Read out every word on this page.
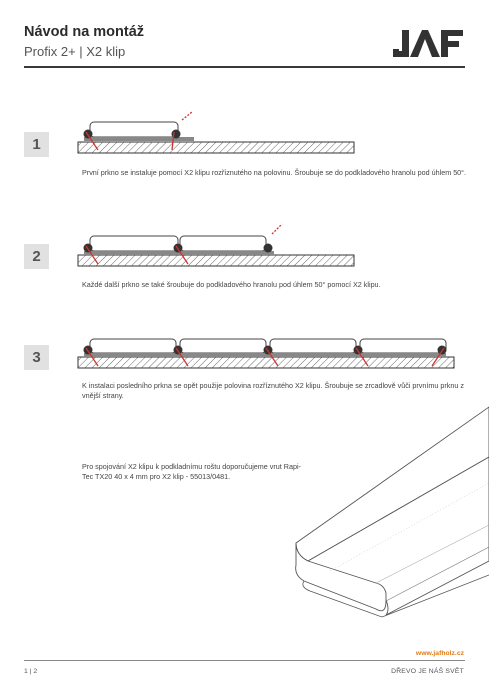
Návod na montáž
Profix 2+ | X2 klip
1
První prkno se instaluje pomocí X2 klipu rozříznutého na polovinu. Šroubuje se do podkladového hranolu pod úhlem 50°.
2
Každé další prkno se také šroubuje do podkladového hranolu pod úhlem 50° pomocí X2 klipu.
3
K instalaci posledního prkna se opět použije polovina rozříznutého X2 klipu. Šroubuje se zrcadlově vůči prvnímu prknu z vnější strany.
Pro spojování X2 klipu k podkladnímu roštu doporučujeme vrut Rapi-Tec TX20 40 x 4 mm pro X2 klip - 55013/0481.
www.jafholz.cz
1 | 2	DŘEVO JE NÁŠ SVĚT
